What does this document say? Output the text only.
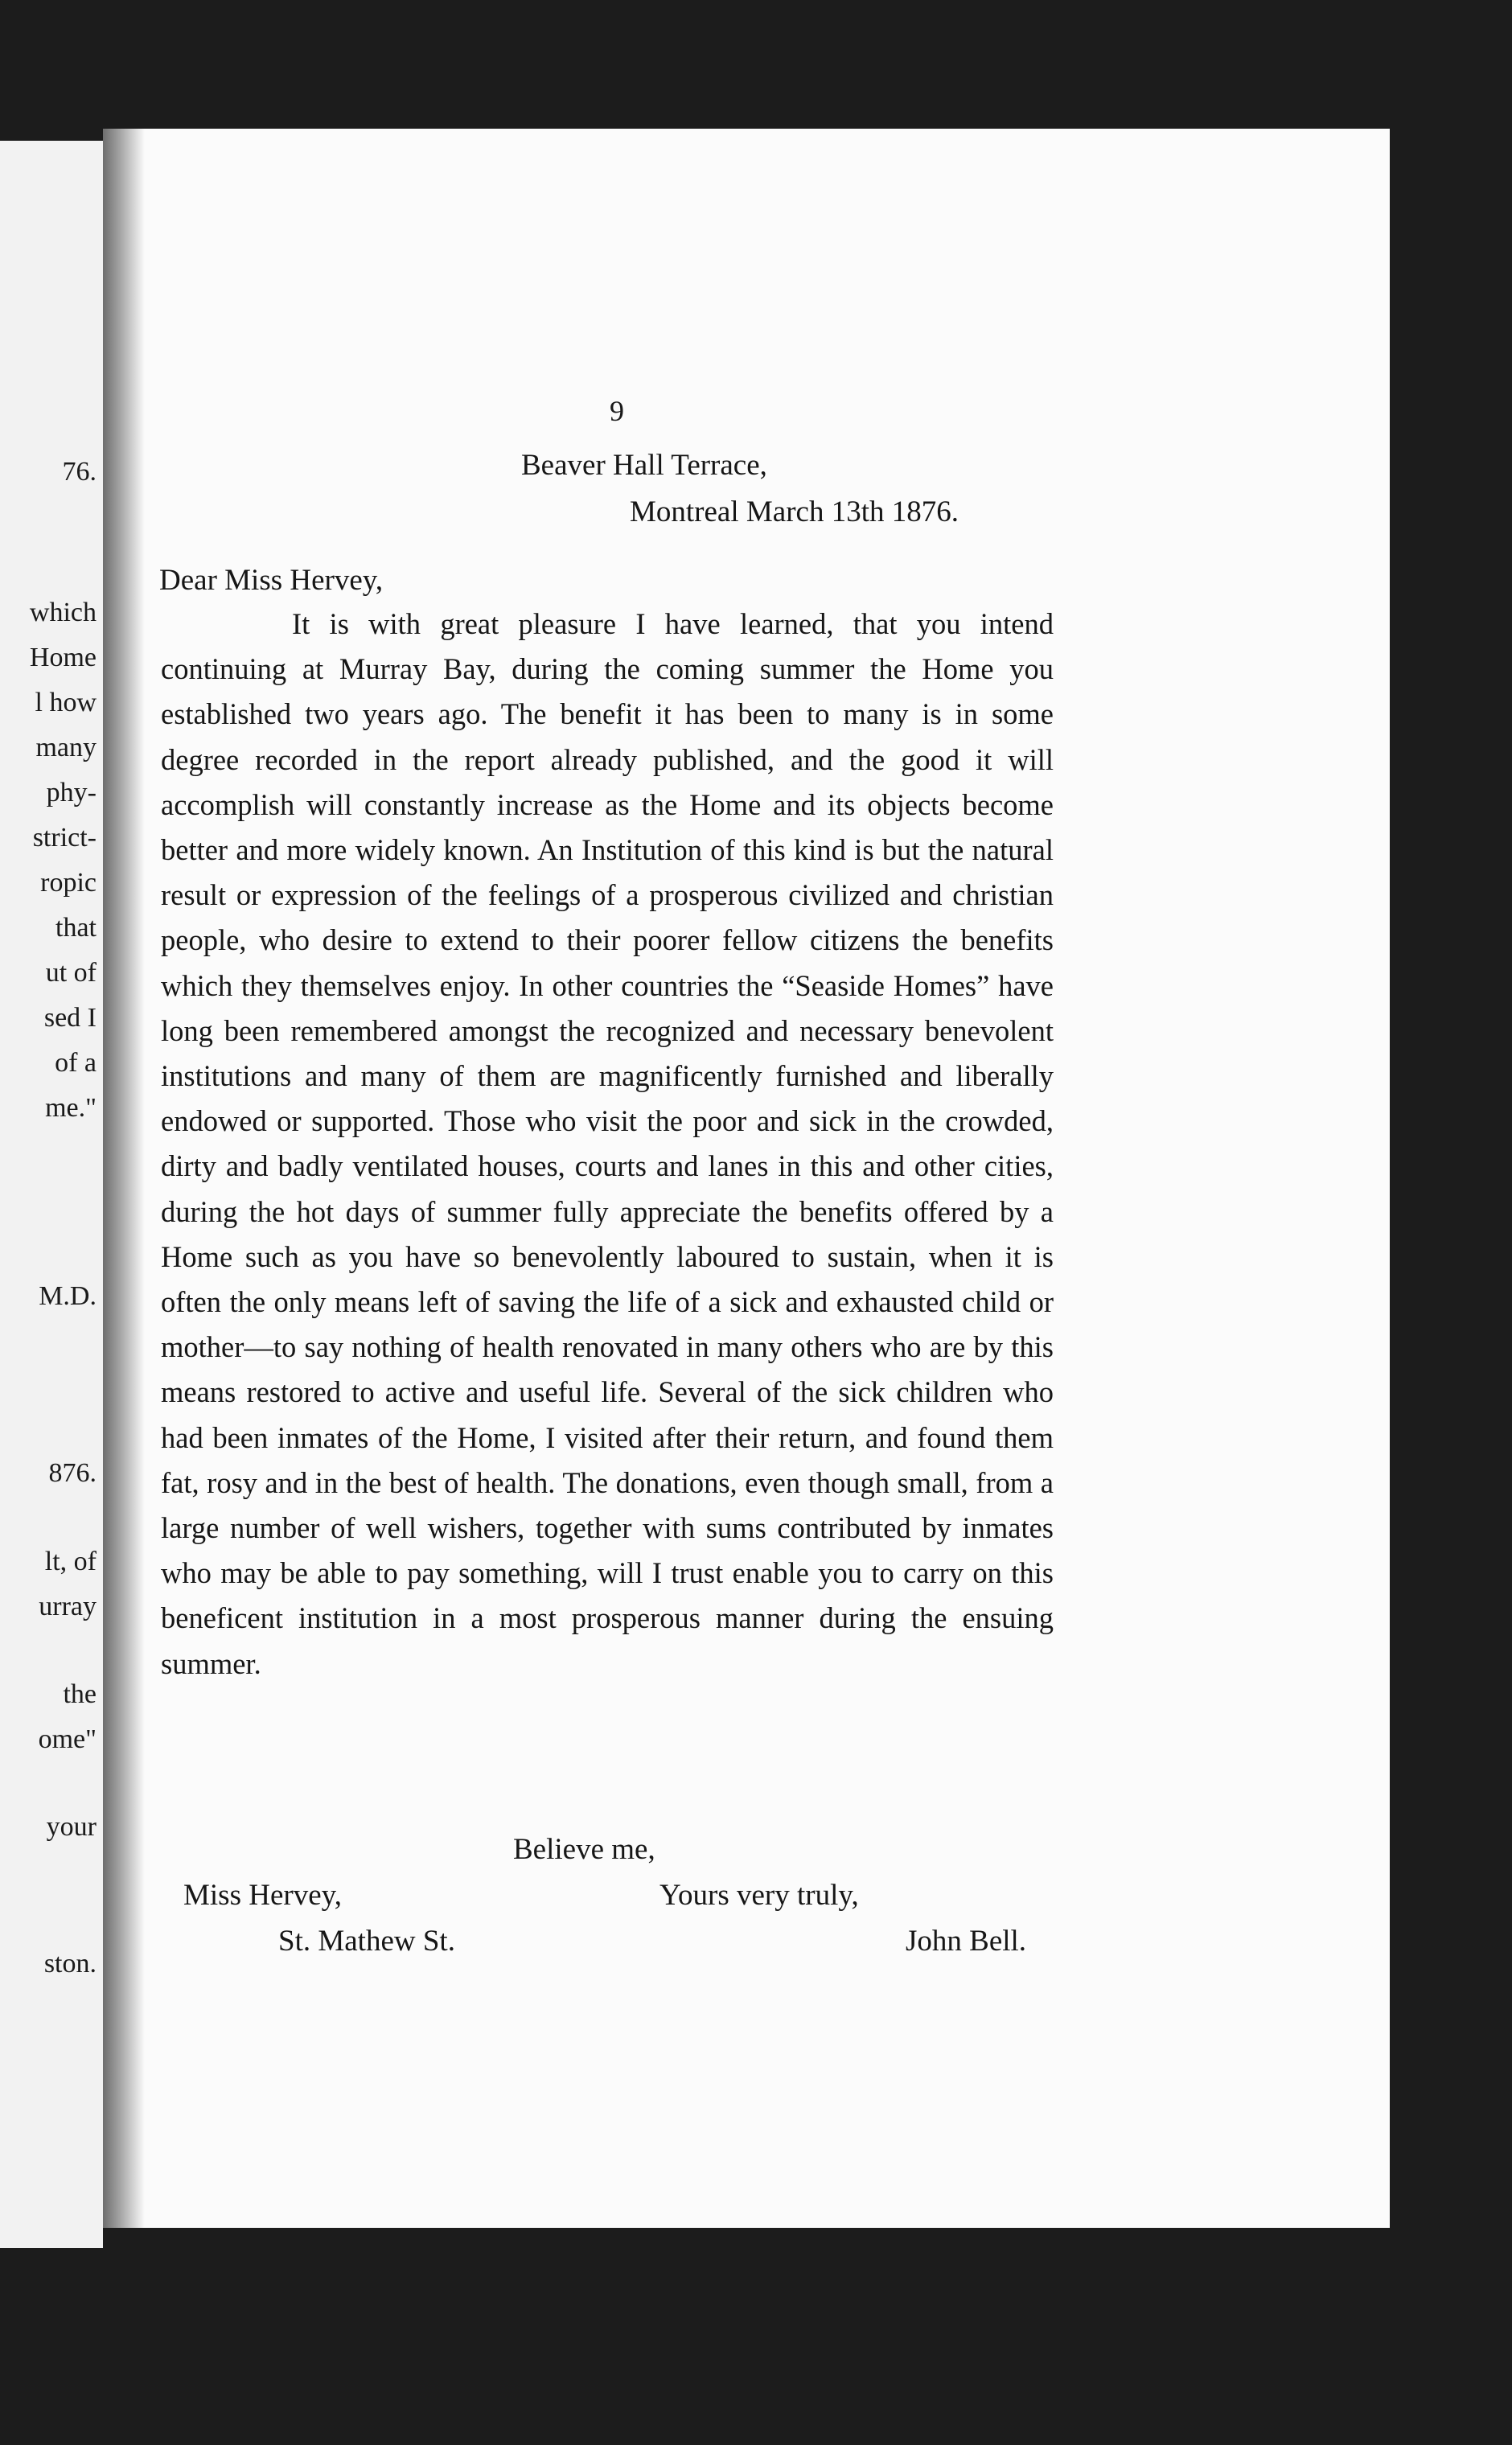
76.
which
Home
l how
many
phy-
strict-
ropic
that
ut of
sed I
of a
me."
M.D.
876.
lt, of
urray
the
ome"
your
ston.
9
Beaver Hall Terrace,
Montreal March 13th 1876.
Dear Miss Hervey,
It is with great pleasure I have learned, that you intend continuing at Murray Bay, during the coming summer the Home you established two years ago. The benefit it has been to many is in some degree recorded in the report already published, and the good it will accomplish will constantly increase as the Home and its objects become better and more widely known. An Institution of this kind is but the natural result or expression of the feelings of a prosperous civilized and christian people, who desire to extend to their poorer fellow citizens the benefits which they themselves enjoy. In other countries the “Seaside Homes” have long been remembered amongst the recognized and necessary benevolent institutions and many of them are magnificently furnished and liberally endowed or supported. Those who visit the poor and sick in the crowded, dirty and badly ventilated houses, courts and lanes in this and other cities, during the hot days of summer fully appreciate the benefits offered by a Home such as you have so benevolently laboured to sustain, when it is often the only means left of saving the life of a sick and exhausted child or mother—to say nothing of health renovated in many others who are by this means restored to active and useful life. Several of the sick children who had been inmates of the Home, I visited after their return, and found them fat, rosy and in the best of health. The donations, even though small, from a large number of well wishers, together with sums contributed by inmates who may be able to pay something, will I trust enable you to carry on this beneficent institution in a most prosperous manner during the ensuing summer.
Believe me,
Miss Hervey,
St. Mathew St.
Yours very truly,
John Bell.
